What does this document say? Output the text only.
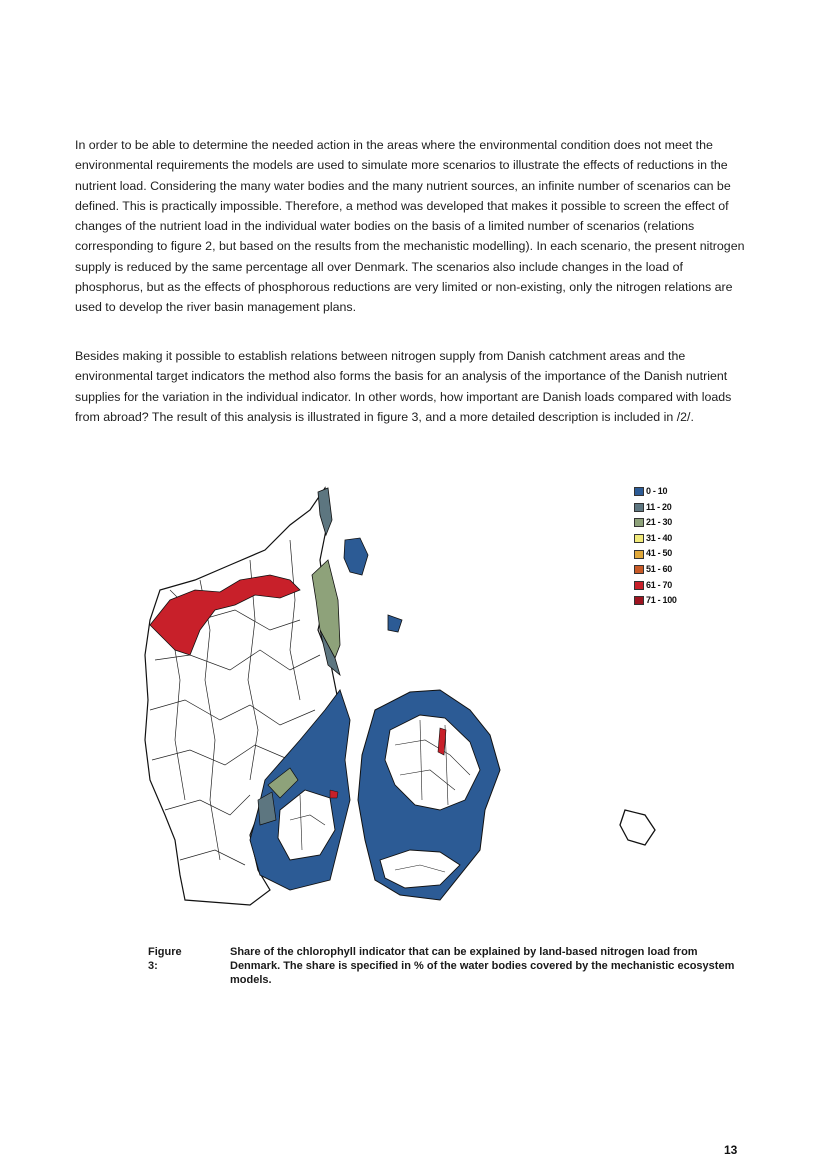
In order to be able to determine the needed action in the areas where the environmental condition does not meet the environmental requirements the models are used to simulate more scenarios to illustrate the effects of reductions in the nutrient load. Considering the many water bodies and the many nutrient sources, an infinite number of scenarios can be defined. This is practically impossible. Therefore, a method was developed that makes it possible to screen the effect of changes of the nutrient load in the individual water bodies on the basis of a limited number of scenarios (relations corresponding to figure 2, but based on the results from the mechanistic modelling). In each scenario, the present nitrogen supply is reduced by the same percentage all over Denmark. The scenarios also include changes in the load of phosphorus, but as the effects of phosphorous reductions are very limited or non-existing, only the nitrogen relations are used to develop the river basin management plans.

Besides making it possible to establish relations between nitrogen supply from Danish catchment areas and the environmental target indicators the method also forms the basis for an analysis of the importance of the Danish nutrient supplies for the variation in the individual indicator. In other words, how important are Danish loads compared with loads from abroad? The result of this analysis is illustrated in figure 3, and a more detailed description is included in /2/.

0 - 10
11 - 20
21 - 30
31 - 40
41 - 50
51 - 60
61 - 70
71 - 100
Figure 3:
Share of the chlorophyll indicator that can be explained by land-based nitrogen load from Denmark. The share is specified in % of the water bodies covered by the mechanistic ecosystem models.
13
